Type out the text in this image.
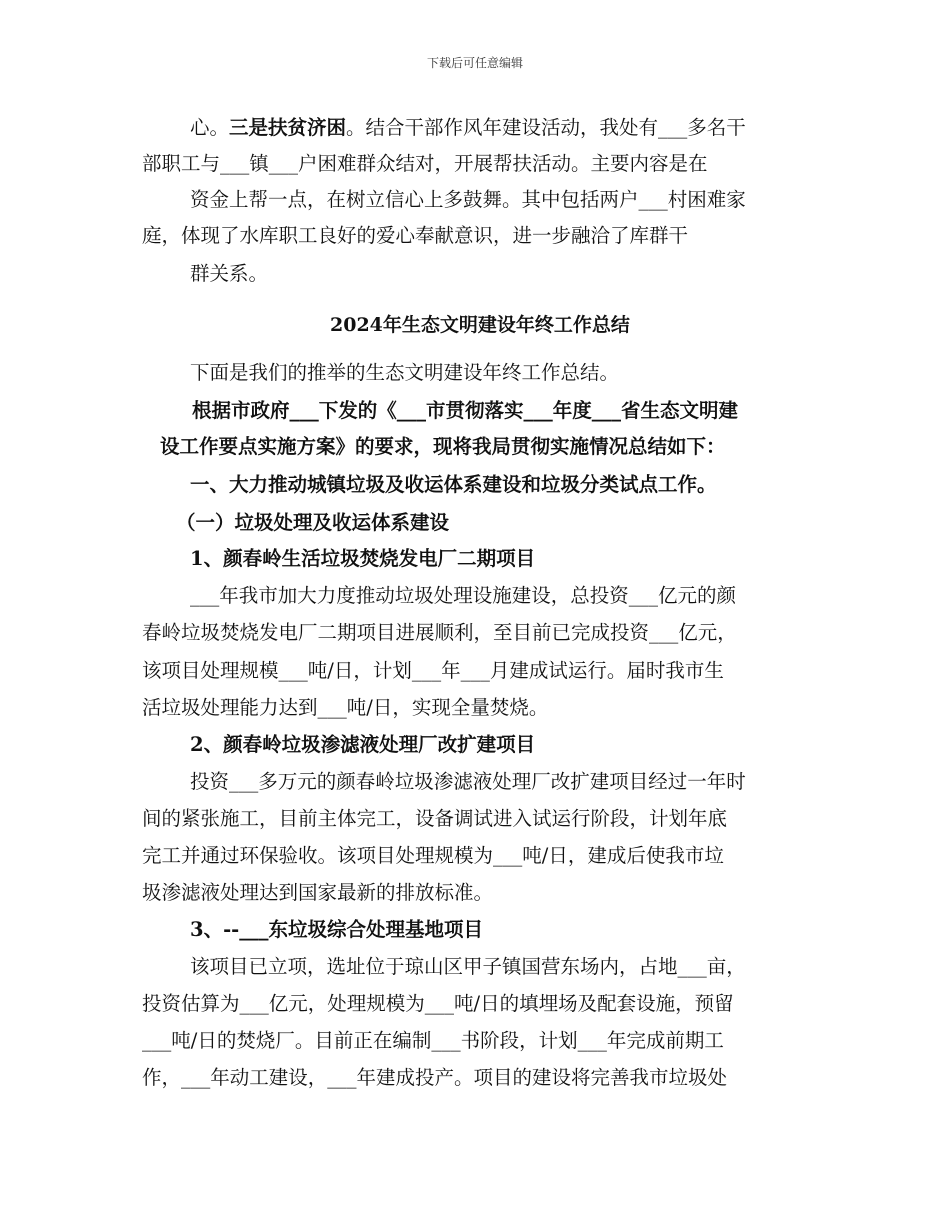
下载后可任意编辑
心。三是扶贫济困。结合干部作风年建设活动，我处有___多名干
部职工与___镇___户困难群众结对，开展帮扶活动。主要内容是在
资金上帮一点，在树立信心上多鼓舞。其中包括两户___村困难家
庭，体现了水库职工良好的爱心奉献意识，进一步融洽了库群干
群关系。
2024年生态文明建设年终工作总结
下面是我们的推举的生态文明建设年终工作总结。
根据市政府___下发的《___市贯彻落实___年度___省生态文明建
设工作要点实施方案》的要求，现将我局贯彻实施情况总结如下：
一、大力推动城镇垃圾及收运体系建设和垃圾分类试点工作。
（一）垃圾处理及收运体系建设
1、颜春岭生活垃圾焚烧发电厂二期项目
___年我市加大力度推动垃圾处理设施建设，总投资___亿元的颜
春岭垃圾焚烧发电厂二期项目进展顺利，至目前已完成投资___亿元，
该项目处理规模___吨/日，计划___年___月建成试运行。届时我市生
活垃圾处理能力达到___吨/日，实现全量焚烧。
2、颜春岭垃圾渗滤液处理厂改扩建项目
投资___多万元的颜春岭垃圾渗滤液处理厂改扩建项目经过一年时
间的紧张施工，目前主体完工，设备调试进入试运行阶段，计划年底
完工并通过环保验收。该项目处理规模为___吨/日，建成后使我市垃
圾渗滤液处理达到国家最新的排放标准。
3、--___东垃圾综合处理基地项目
该项目已立项，选址位于琼山区甲子镇国营东场内，占地___亩，
投资估算为___亿元，处理规模为___吨/日的填埋场及配套设施，预留
___吨/日的焚烧厂。目前正在编制___书阶段，计划___年完成前期工
作，___年动工建设，___年建成投产。项目的建设将完善我市垃圾处
